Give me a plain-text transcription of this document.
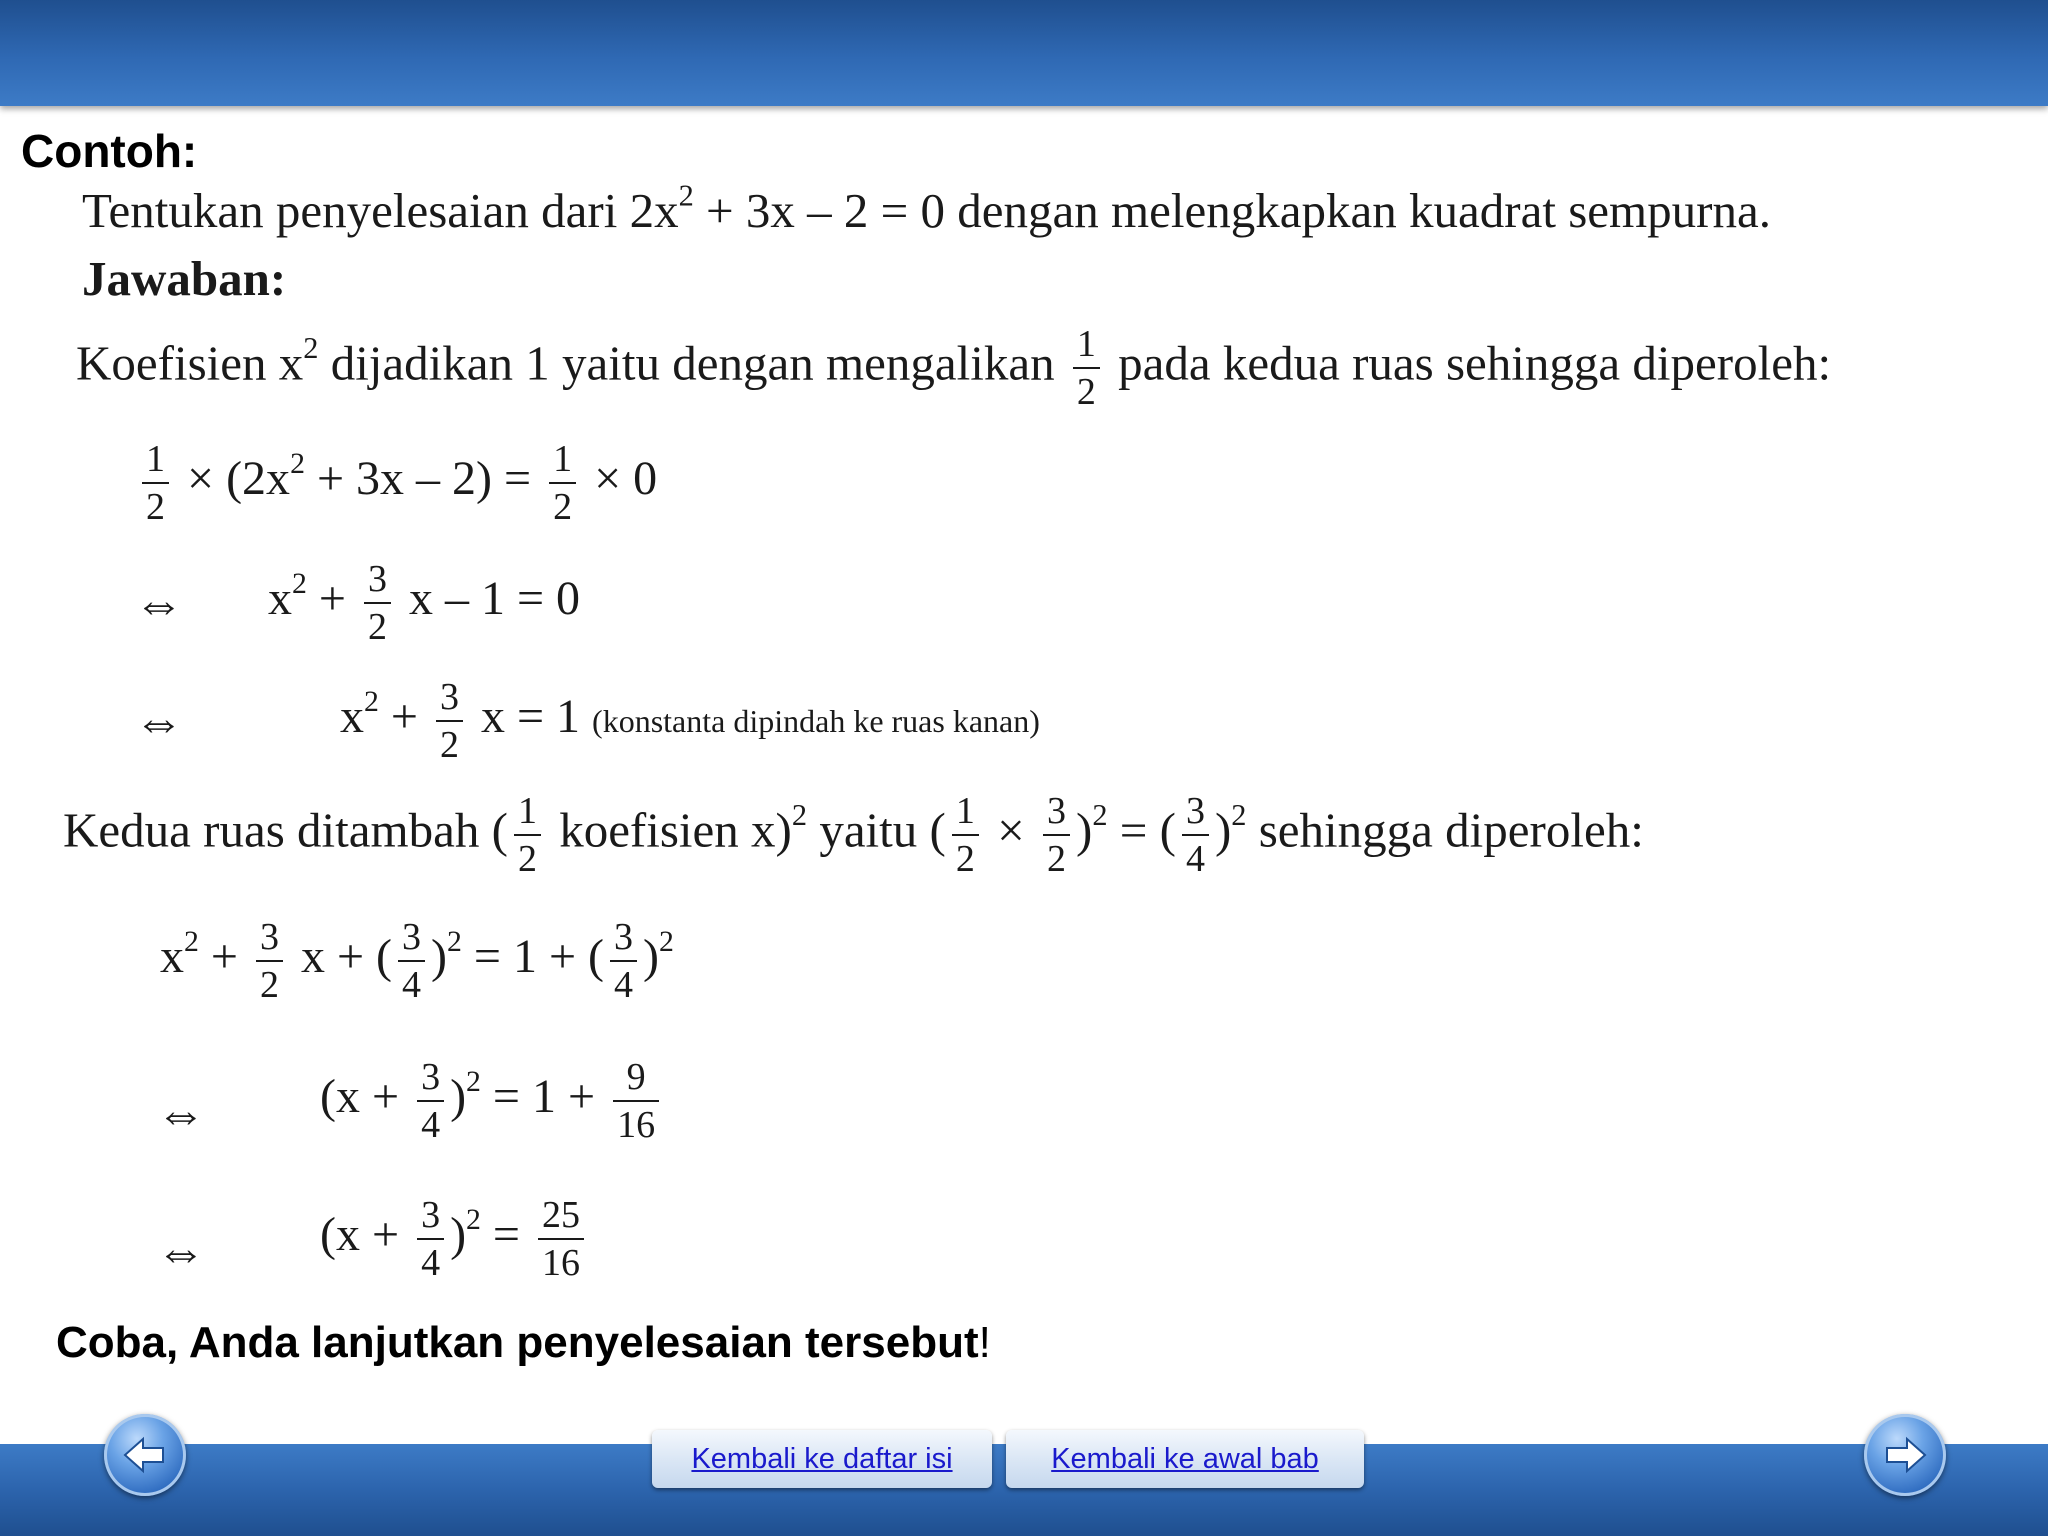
Contoh:
Tentukan penyelesaian dari $2x^2 + 3x - 2 = 0$ dengan melengkapkan kuadrat sempurna.
Jawaban:
Koefisien $x^2$ dijadikan 1 yaitu dengan mengalikan $\frac{1}{2}$ pada kedua ruas sehingga diperoleh:
$\frac{1}{2} \times (2x^2 + 3x - 2) = \frac{1}{2} \times 0$
⇔ $x^2 + \frac{3}{2}$ x – 1 = 0
⇔	$x^2 + \frac{3}{2}$ x = 1 (konstanta dipindah ke ruas kanan)
Kedua ruas ditambah ( $\frac{1}{2}$ koefisien x)$^2$ yaitu ( $\frac{1}{2} \times \frac{3}{2} )^2$ = ( $\frac{3}{4} )^2$ sehingga diperoleh:
$x^2 + \frac{3}{2}$ x + ( $\frac{3}{4} )^2 = 1$ + ( $\frac{3}{4} )^2$
⇔ $(x + \frac{3}{4} )^2 = 1 + \frac{9}{16}$
⇔ $(x + \frac{3}{4} )^2 = \frac{25}{16}$
Coba, Anda lanjutkan penyelesaian tersebut!
Kembali ke daftar isi	Kembali ke awal bab
